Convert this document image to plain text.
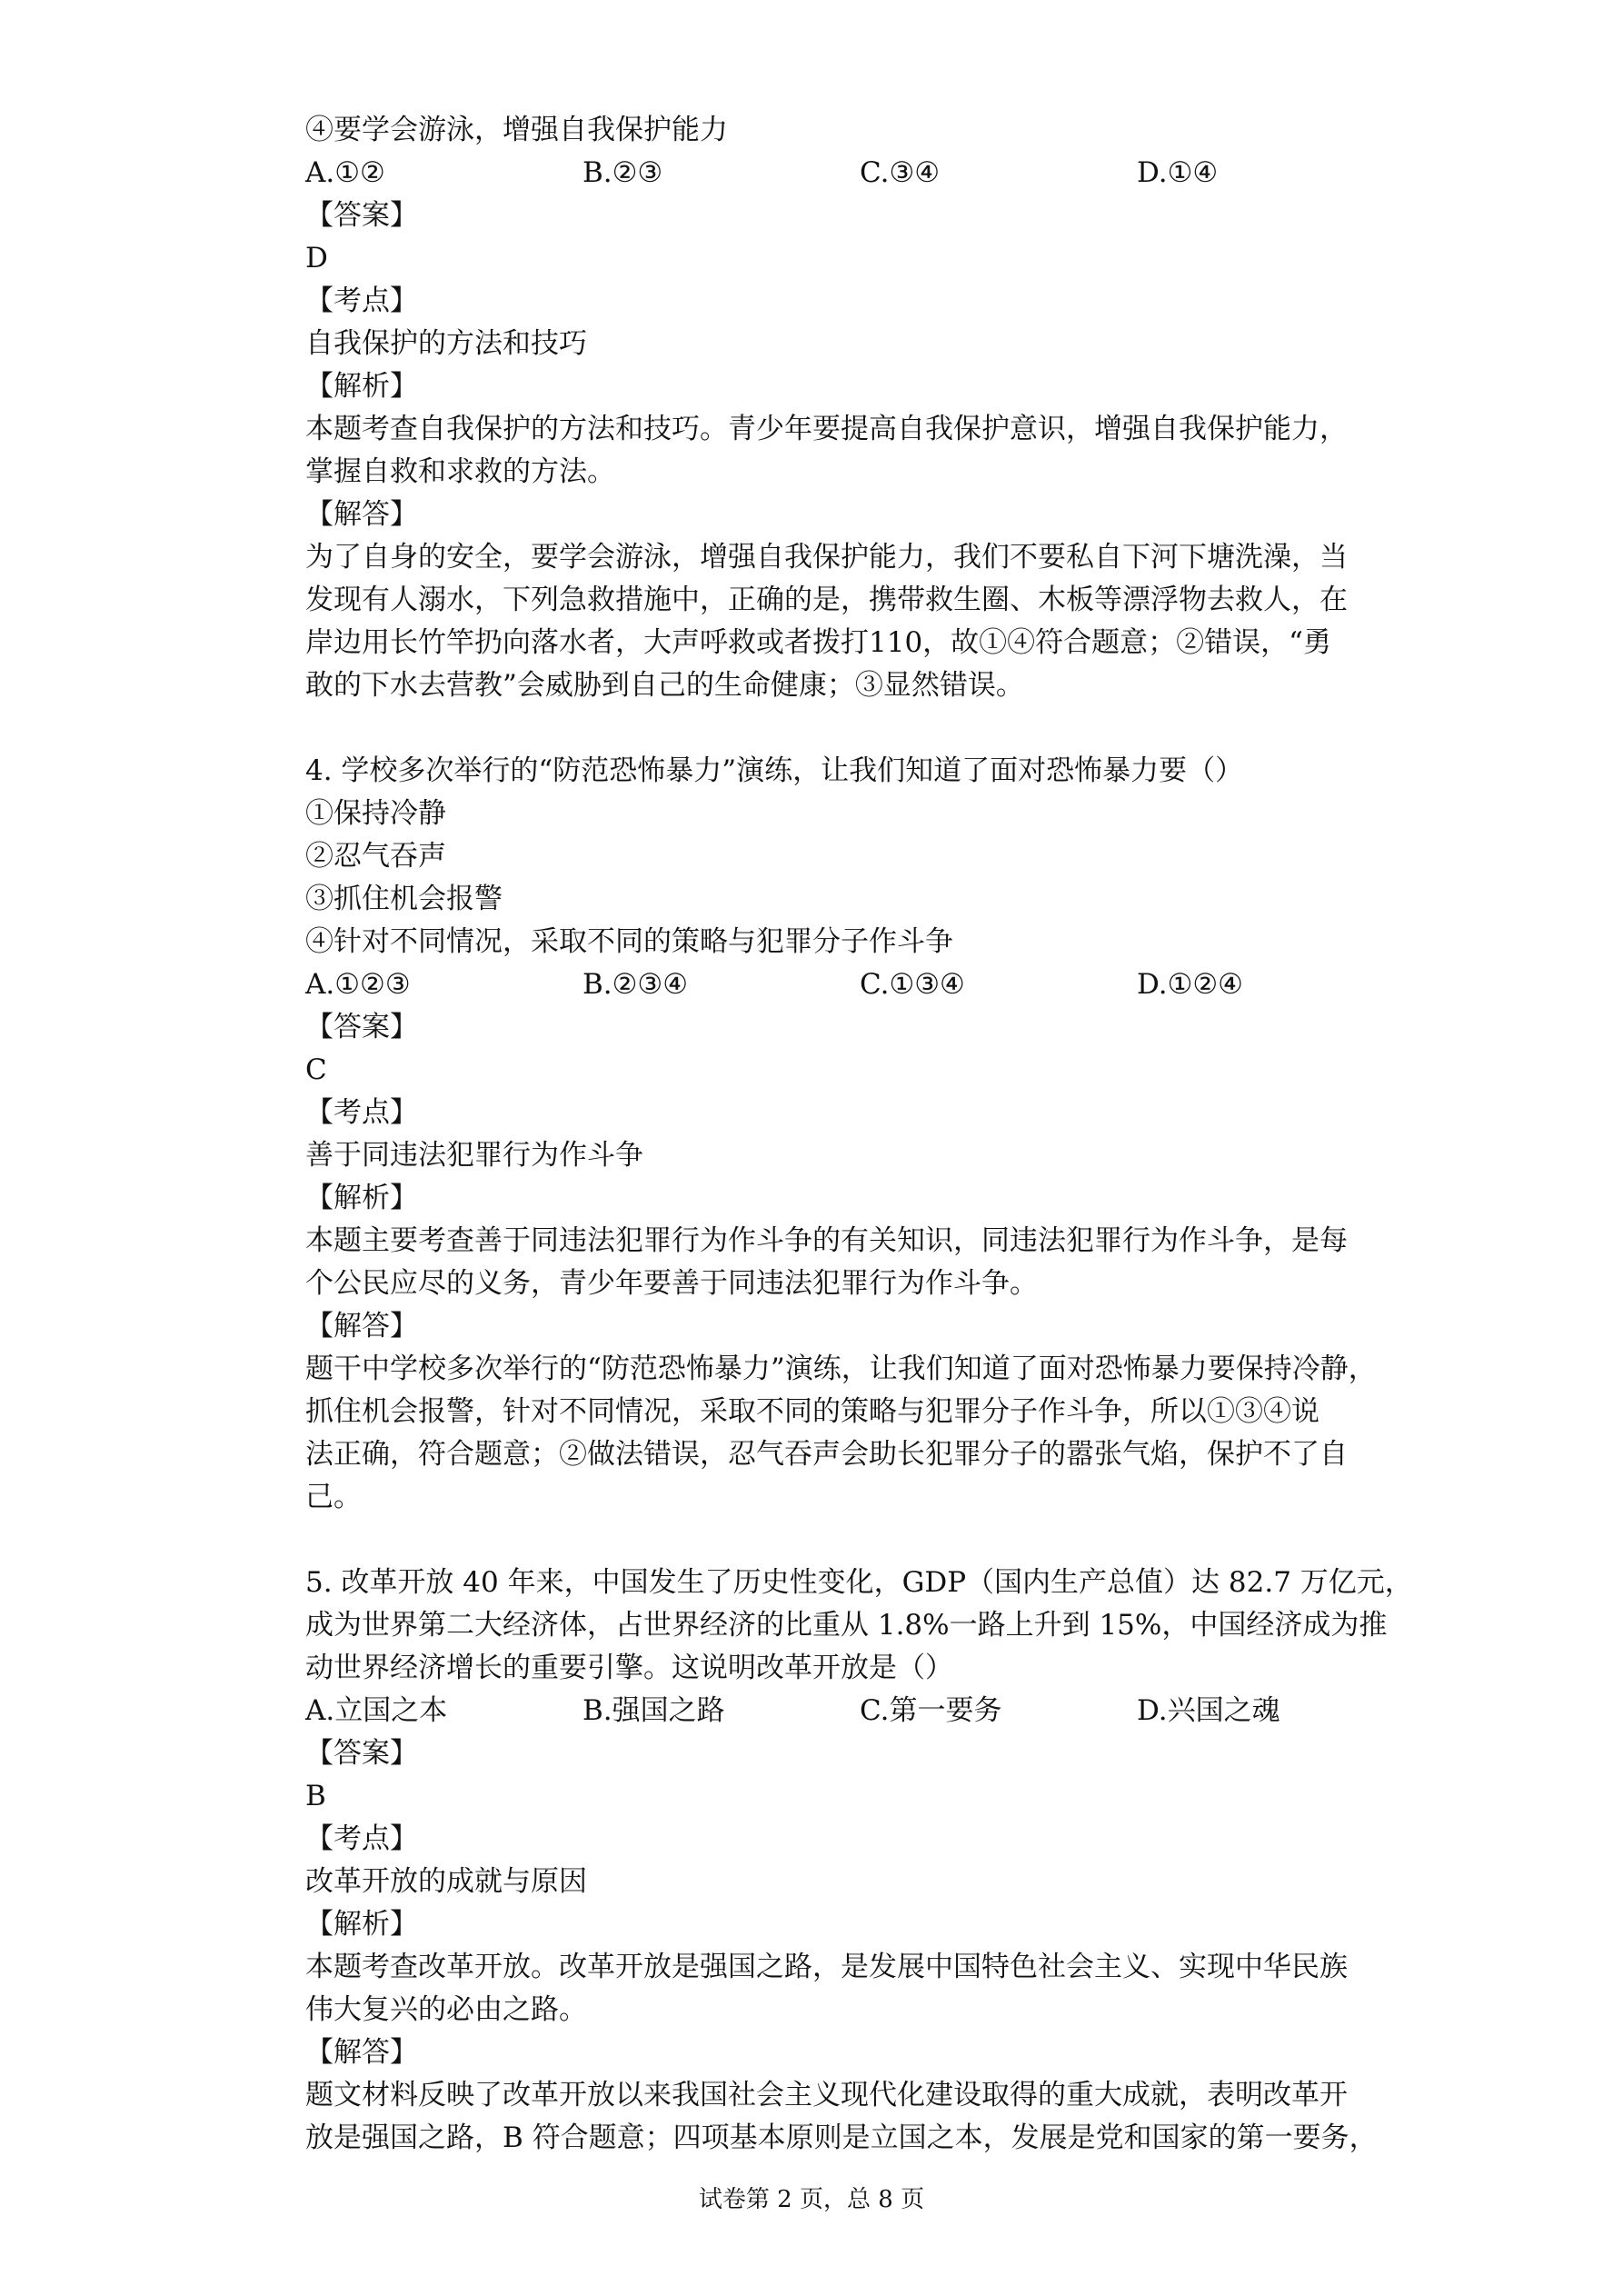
④要学会游泳，增强自我保护能力
A.①②	B.②③	C.③④	D.①④
【答案】
D
【考点】
自我保护的方法和技巧
【解析】
本题考查自我保护的方法和技巧。青少年要提高自我保护意识，增强自我保护能力，
掌握自救和求救的方法。
【解答】
为了自身的安全，要学会游泳，增强自我保护能力，我们不要私自下河下塘洗澡，当
发现有人溺水，下列急救措施中，正确的是，携带救生圈、木板等漂浮物去救人，在
岸边用长竹竿扔向落水者，大声呼救或者拨打110，故①④符合题意；②错误，“勇
敢的下水去营教”会威胁到自己的生命健康；③显然错误。
4. 学校多次举行的“防范恐怖暴力”演练，让我们知道了面对恐怖暴力要（）
①保持冷静
②忍气吞声
③抓住机会报警
④针对不同情况，采取不同的策略与犯罪分子作斗争
A.①②③	B.②③④	C.①③④	D.①②④
【答案】
C
【考点】
善于同违法犯罪行为作斗争
【解析】
本题主要考查善于同违法犯罪行为作斗争的有关知识，同违法犯罪行为作斗争，是每
个公民应尽的义务，青少年要善于同违法犯罪行为作斗争。
【解答】
题干中学校多次举行的“防范恐怖暴力”演练，让我们知道了面对恐怖暴力要保持冷静，
抓住机会报警，针对不同情况，采取不同的策略与犯罪分子作斗争，所以①③④说
法正确，符合题意；②做法错误，忍气吞声会助长犯罪分子的嚣张气焰，保护不了自
己。
5. 改革开放 40 年来，中国发生了历史性变化，GDP（国内生产总值）达 82.7 万亿元，
成为世界第二大经济体，占世界经济的比重从 1.8%一路上升到 15%，中国经济成为推
动世界经济增长的重要引擎。这说明改革开放是（）
A.立国之本	B.强国之路	C.第一要务	D.兴国之魂
【答案】
B
【考点】
改革开放的成就与原因
【解析】
本题考查改革开放。改革开放是强国之路，是发展中国特色社会主义、实现中华民族
伟大复兴的必由之路。
【解答】
题文材料反映了改革开放以来我国社会主义现代化建设取得的重大成就，表明改革开
放是强国之路，B 符合题意；四项基本原则是立国之本，发展是党和国家的第一要务，
试卷第 2 页，总 8 页
